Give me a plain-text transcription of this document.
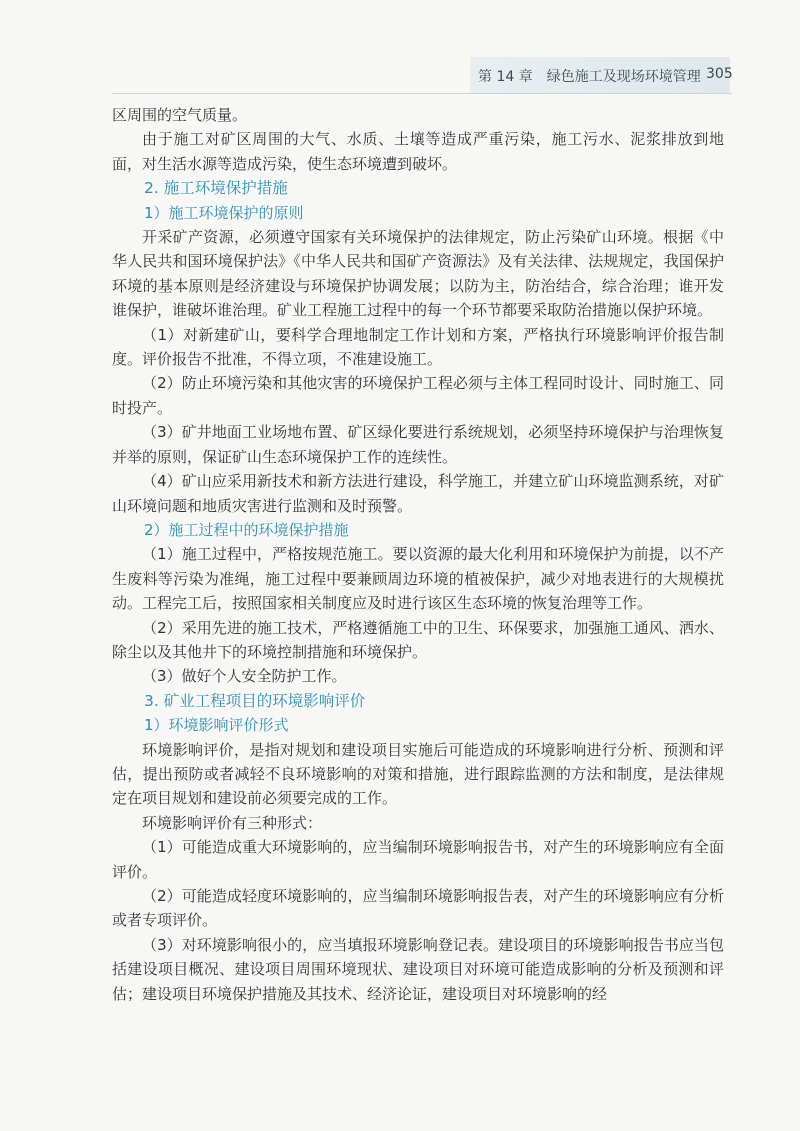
第 14 章 绿色施工及现场环境管理 305

区周围的空气质量。

由于施工对矿区周围的大气、水质、土壤等造成严重污染，施工污水、泥浆排放到地面，对生活水源等造成污染，使生态环境遭到破坏。

2. 施工环境保护措施

1）施工环境保护的原则

开采矿产资源，必须遵守国家有关环境保护的法律规定，防止污染矿山环境。根据《中华人民共和国环境保护法》《中华人民共和国矿产资源法》及有关法律、法规规定，我国保护环境的基本原则是经济建设与环境保护协调发展；以防为主，防治结合，综合治理；谁开发谁保护，谁破坏谁治理。矿业工程施工过程中的每一个环节都要采取防治措施以保护环境。

（1）对新建矿山，要科学合理地制定工作计划和方案，严格执行环境影响评价报告制度。评价报告不批准，不得立项，不准建设施工。

（2）防止环境污染和其他灾害的环境保护工程必须与主体工程同时设计、同时施工、同时投产。

（3）矿井地面工业场地布置、矿区绿化要进行系统规划，必须坚持环境保护与治理恢复并举的原则，保证矿山生态环境保护工作的连续性。

（4）矿山应采用新技术和新方法进行建设，科学施工，并建立矿山环境监测系统，对矿山环境问题和地质灾害进行监测和及时预警。

2）施工过程中的环境保护措施

（1）施工过程中，严格按规范施工。要以资源的最大化利用和环境保护为前提，以不产生废料等污染为准绳，施工过程中要兼顾周边环境的植被保护，减少对地表进行的大规模扰动。工程完工后，按照国家相关制度应及时进行该区生态环境的恢复治理等工作。

（2）采用先进的施工技术，严格遵循施工中的卫生、环保要求，加强施工通风、洒水、除尘以及其他井下的环境控制措施和环境保护。

（3）做好个人安全防护工作。

3. 矿业工程项目的环境影响评价

1）环境影响评价形式

环境影响评价，是指对规划和建设项目实施后可能造成的环境影响进行分析、预测和评估，提出预防或者减轻不良环境影响的对策和措施，进行跟踪监测的方法和制度，是法律规定在项目规划和建设前必须要完成的工作。

环境影响评价有三种形式：

（1）可能造成重大环境影响的，应当编制环境影响报告书，对产生的环境影响应有全面评价。

（2）可能造成轻度环境影响的，应当编制环境影响报告表，对产生的环境影响应有分析或者专项评价。

（3）对环境影响很小的，应当填报环境影响登记表。建设项目的环境影响报告书应当包括建设项目概况、建设项目周围环境现状、建设项目对环境可能造成影响的分析及预测和评估；建设项目环境保护措施及其技术、经济论证，建设项目对环境影响的经
